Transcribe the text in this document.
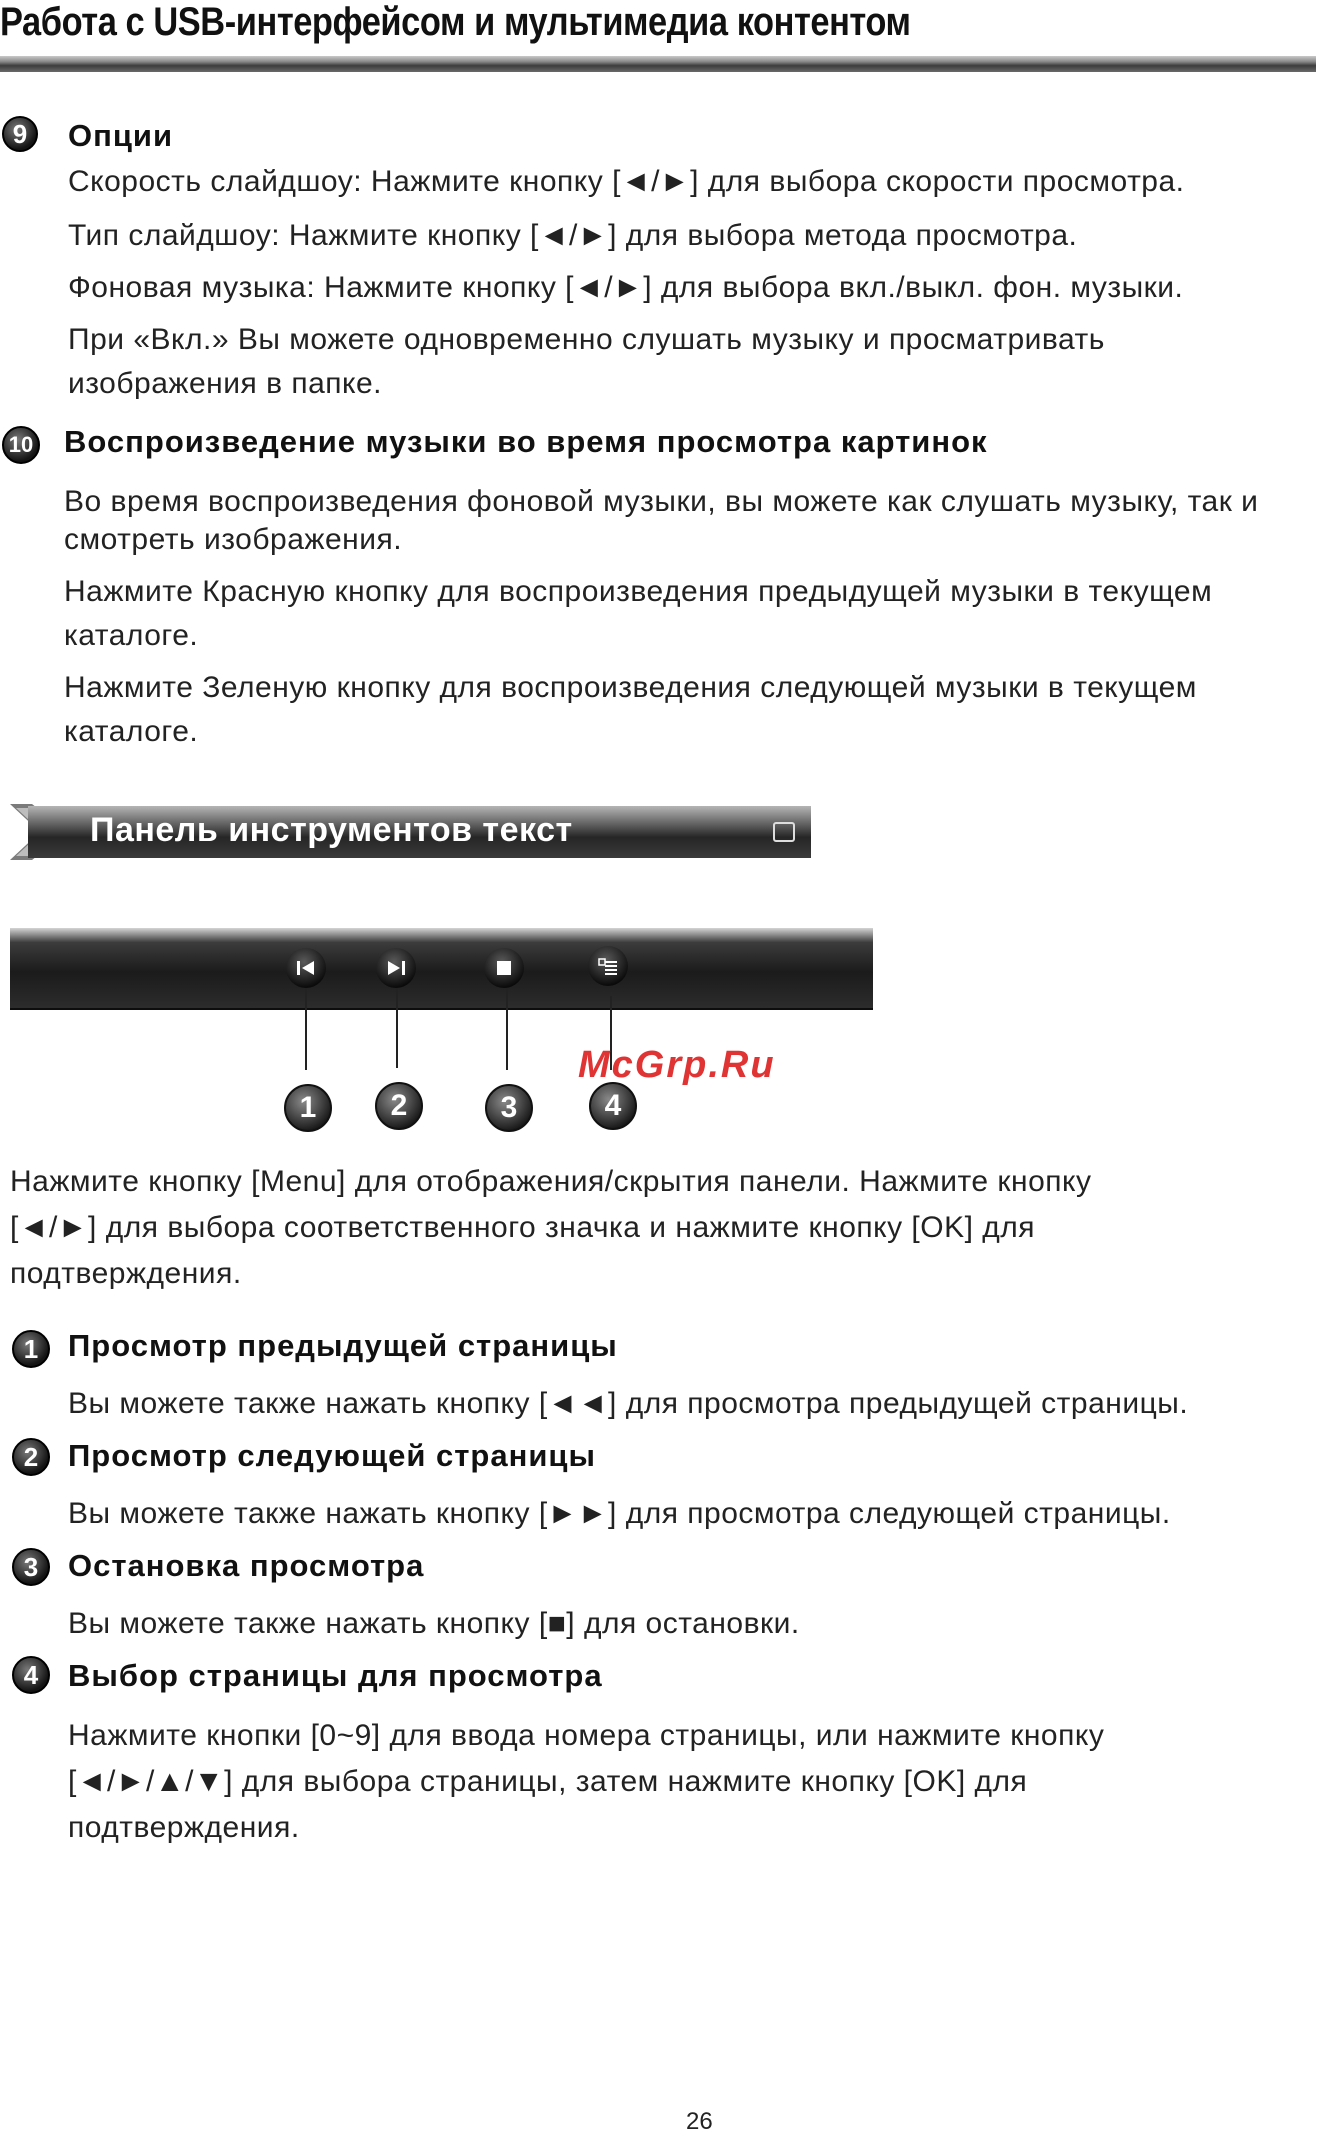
Работа с USB-интерфейсом и мультимедиа контентом
9	Опции
Скорость слайдшоу: Нажмите кнопку [◄/►] для выбора скорости просмотра.
Тип слайдшоу: Нажмите кнопку [◄/►] для выбора метода просмотра.
Фоновая музыка: Нажмите кнопку [◄/►] для выбора вкл./выкл. фон. музыки.
При «Вкл.» Вы можете одновременно слушать музыку и просматривать
изображения в папке.
10 Воспроизведение музыки во время просмотра картинок
Во время воспроизведения фоновой музыки, вы можете как слушать музыку, так и
смотреть изображения.
Нажмите Красную кнопку для воспроизведения предыдущей музыки в текущем
каталоге.
Нажмите Зеленую кнопку для воспроизведения следующей музыки в текущем
каталоге.
Панель инструментов текст
1	2	3	4
McGrp.Ru
Нажмите кнопку [Menu] для отображения/скрытия панели. Нажмите кнопку
[◄/►] для выбора соответственного значка и нажмите кнопку [OK] для
подтверждения.
1 Просмотр предыдущей страницы
Вы можете также нажать кнопку [◄◄] для просмотра предыдущей страницы.
2 Просмотр следующей страницы
Вы можете также нажать кнопку [►►] для просмотра следующей страницы.
3 Остановка просмотра
Вы можете также нажать кнопку [■] для остановки.
4 Выбор страницы для просмотра
Нажмите кнопки [0~9] для ввода номера страницы, или нажмите кнопку
[◄/►/▲/▼] для выбора страницы, затем нажмите кнопку [OK] для
подтверждения.
26
